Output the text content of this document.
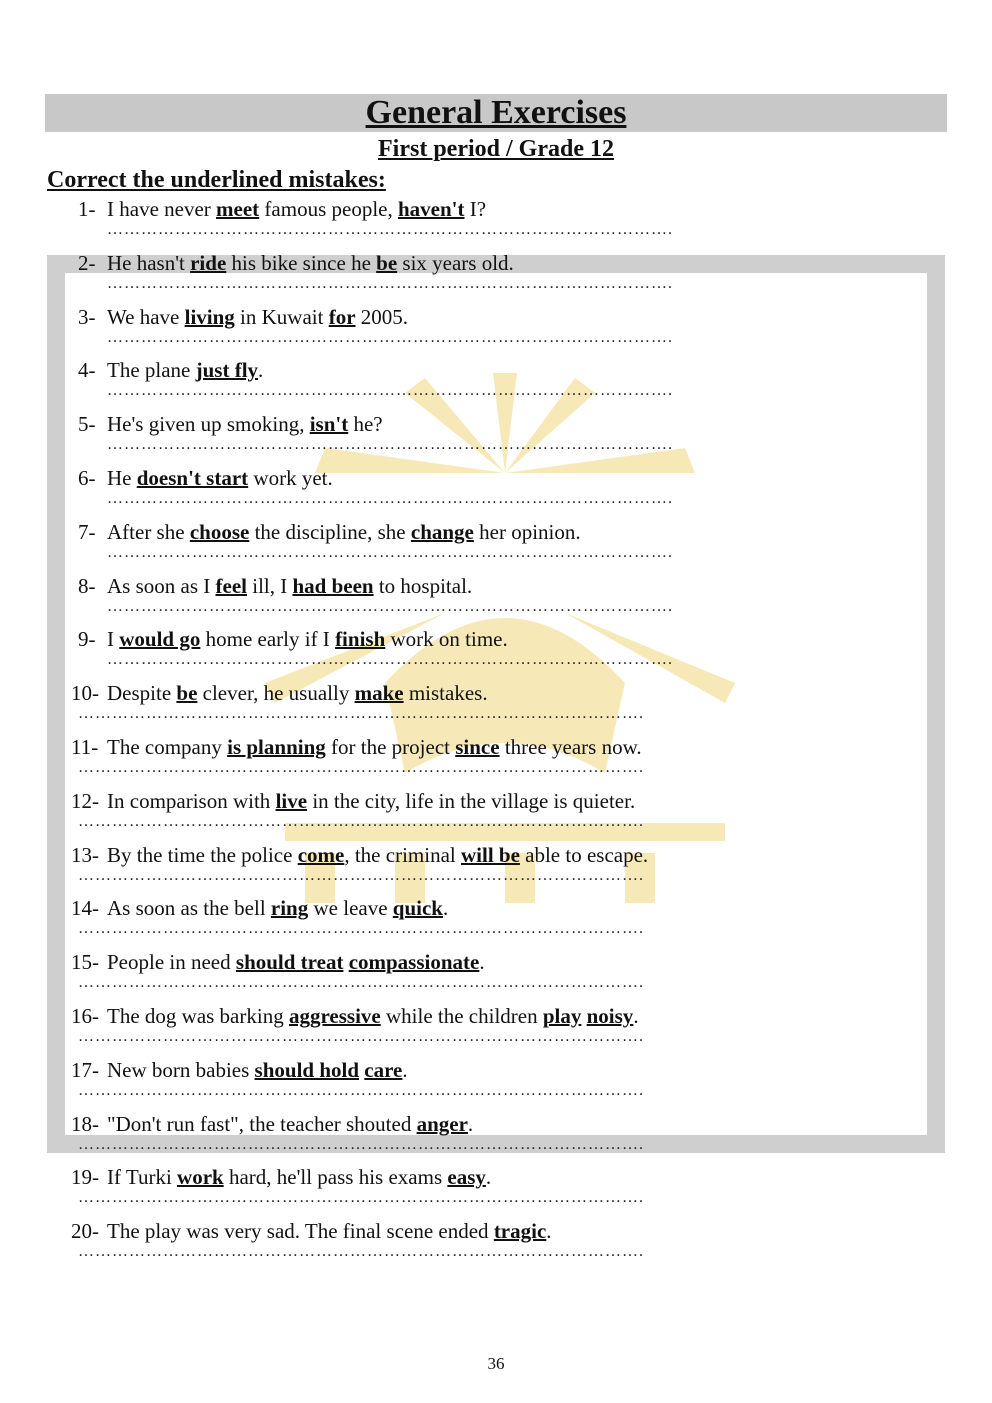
General Exercises
First period / Grade 12
Correct the underlined mistakes:
1- I have never meet famous people, haven't I?
……………………………………………………………………………………….
2- He hasn't ride his bike since he be six years old.
……………………………………………………………………………………….
3- We have living in Kuwait for 2005.
……………………………………………………………………………………….
4- The plane just fly.
……………………………………………………………………………………….
5- He's given up smoking, isn't he?
……………………………………………………………………………………….
6- He doesn't start work yet.
……………………………………………………………………………………….
7- After she choose the discipline, she change her opinion.
……………………………………………………………………………………….
8- As soon as I feel ill, I had been to hospital.
……………………………………………………………………………………….
9- I would go home early if I finish work on time.
……………………………………………………………………………………….
10- Despite be clever, he usually make mistakes.
……………………………………………………………………………………….
11- The company is planning for the project since three years now.
……………………………………………………………………………………….
12- In comparison with live in the city, life in the village is quieter.
……………………………………………………………………………………….
13- By the time the police come, the criminal will be able to escape.
……………………………………………………………………………………….
14- As soon as the bell ring we leave quick.
……………………………………………………………………………………….
15- People in need should treat compassionate.
……………………………………………………………………………………….
16- The dog was barking aggressive while the children play noisy.
……………………………………………………………………………………….
17- New born babies should hold care.
……………………………………………………………………………………….
18- "Don't run fast", the teacher shouted anger.
……………………………………………………………………………………….
19- If Turki work hard, he'll pass his exams easy.
……………………………………………………………………………………….
20- The play was very sad. The final scene ended tragic.
……………………………………………………………………………………….
36
